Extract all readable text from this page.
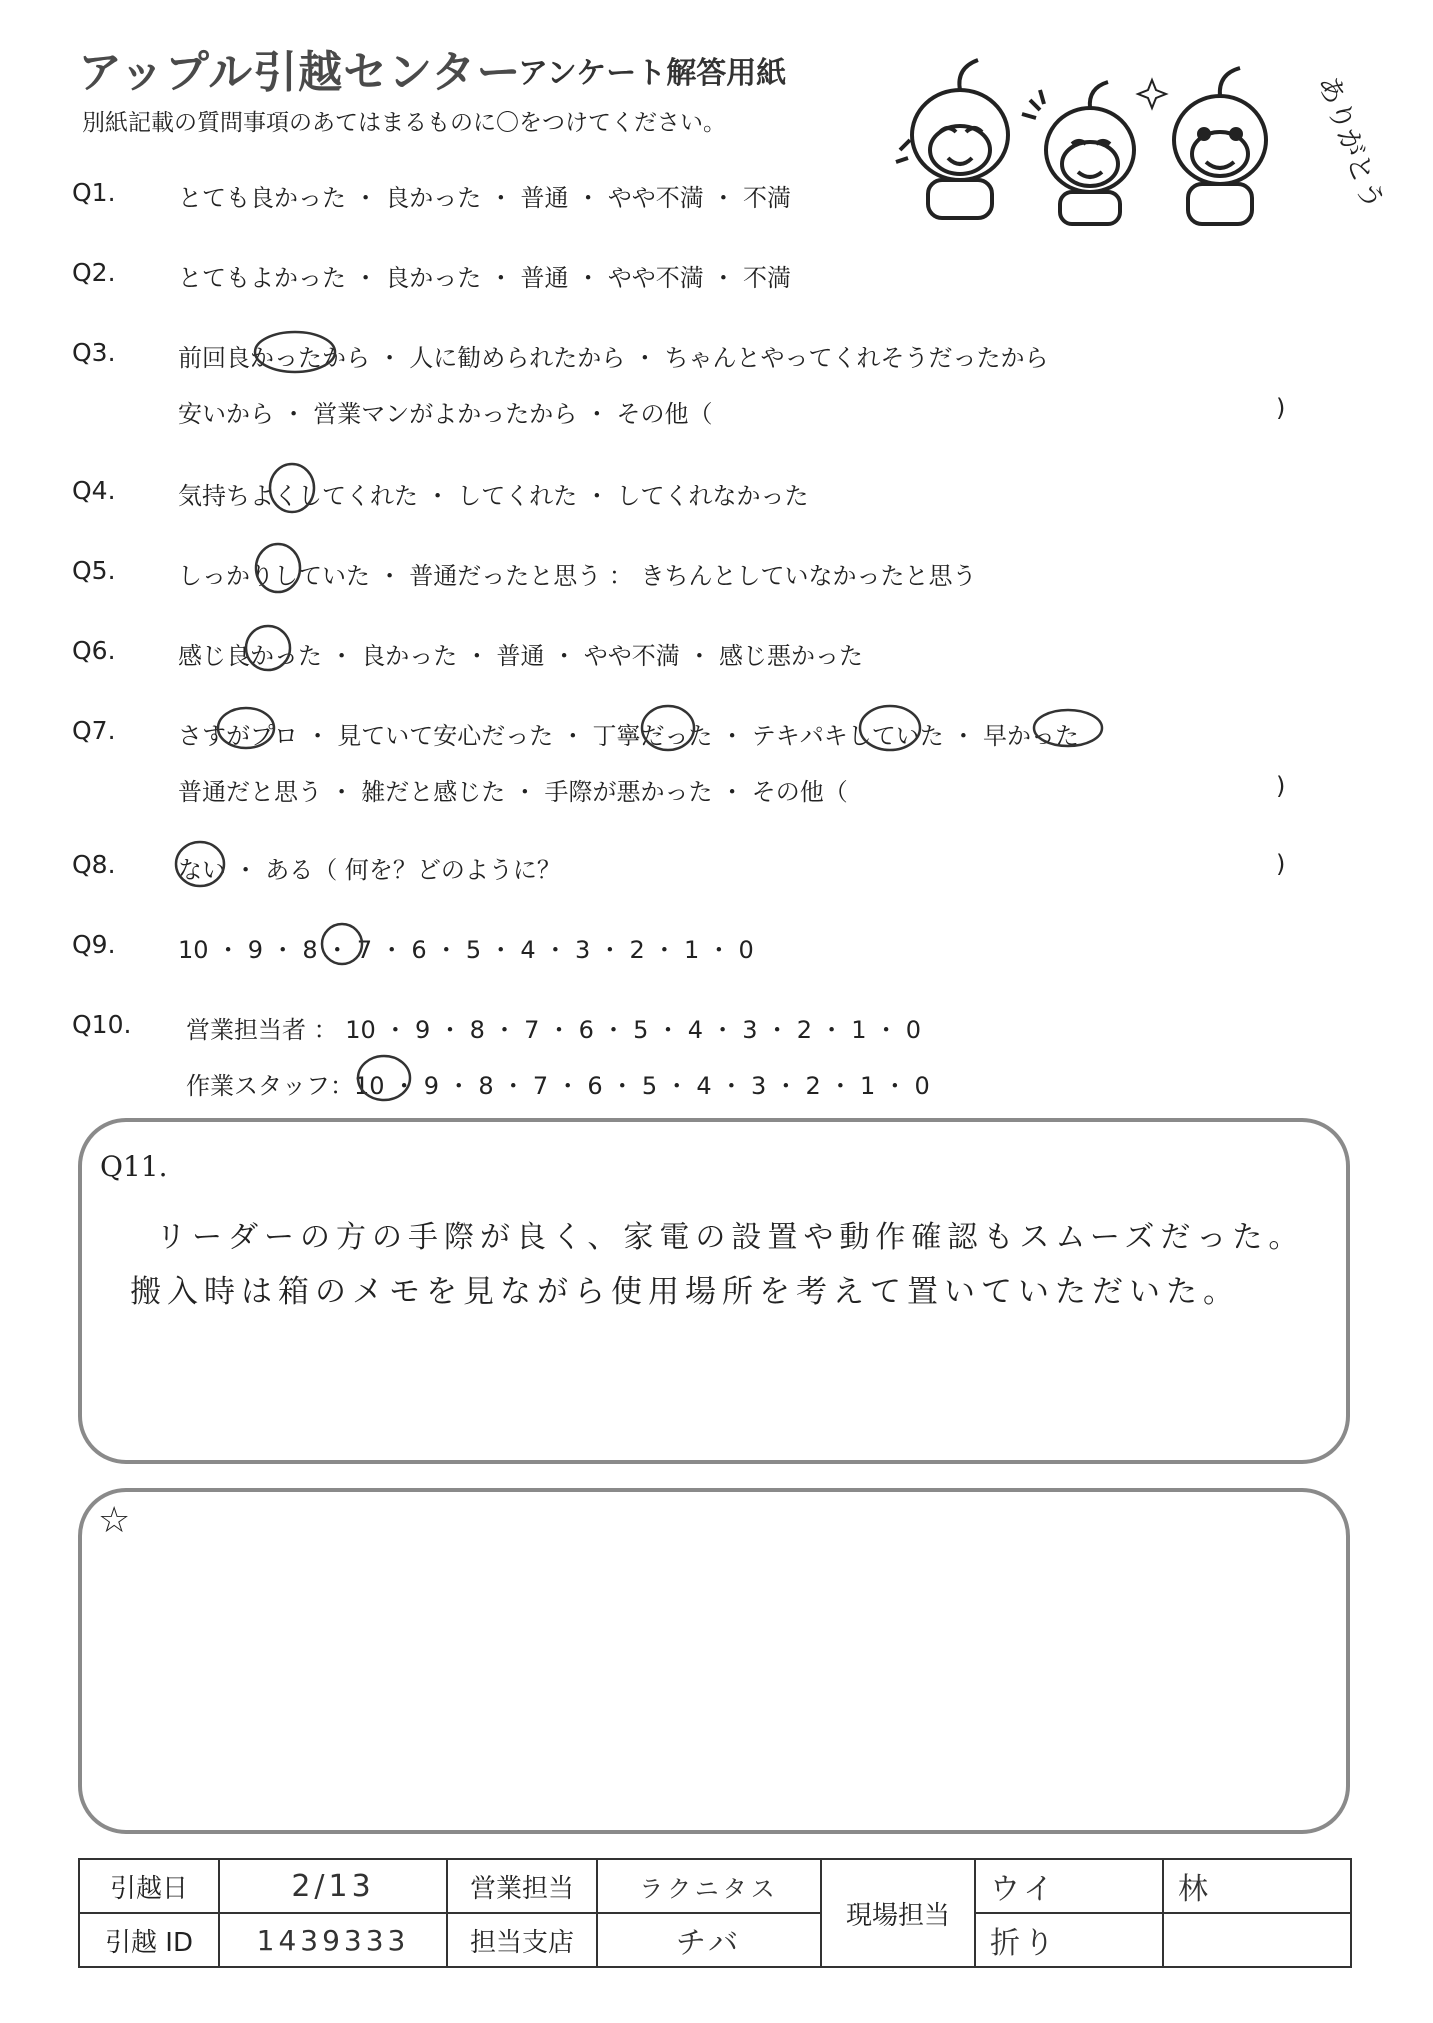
アップル引越センター
アンケート解答用紙
別紙記載の質問事項のあてはまるものに〇をつけてください。	ありがとう
Q1.	とても良かった ・ 良かった ・ 普通 ・ やや不満 ・ 不満
Q2.	とてもよかった ・ 良かった ・ 普通 ・ やや不満 ・ 不満
Q3.	前回良かったから ・ 人に勧められたから ・ ちゃんとやってくれそうだったから
安いから ・ 営業マンがよかったから ・ その他（	)
Q4.	気持ちよくしてくれた ・ してくれた ・ してくれなかった
Q5.	しっかりしていた ・ 普通だったと思う ： きちんとしていなかったと思う
Q6.	感じ良かった ・ 良かった ・ 普通 ・ やや不満 ・ 感じ悪かった
Q7.	さすがプロ ・ 見ていて安心だった ・ 丁寧だった ・ テキパキしていた ・ 早かった
普通だと思う ・ 雑だと感じた ・ 手際が悪かった ・ その他（	)
Q8.	ない ・ ある（ 何を？どのように？	)
Q9.	10 ・ 9 ・ 8 ・ 7 ・ 6 ・ 5 ・ 4 ・ 3 ・ 2 ・ 1 ・ 0
Q10. 営業担当者 ： 10 ・ 9 ・ 8 ・ 7 ・ 6 ・ 5 ・ 4 ・ 3 ・ 2 ・ 1 ・ 0
作業スタッフ：10 ・ 9 ・ 8 ・ 7 ・ 6 ・ 5 ・ 4 ・ 3 ・ 2 ・ 1 ・ 0
Q11.
リーダーの方の手際が良く、家電の設置や動作確認もスムーズだった。
搬入時は箱のメモを見ながら使用場所を考えて置いていただいた。
☆
引越日	2/13	営業担当	ラクニタス	現場担当	ウイ	林
引越 ID	1439333	担当支店	チバ		折り	
